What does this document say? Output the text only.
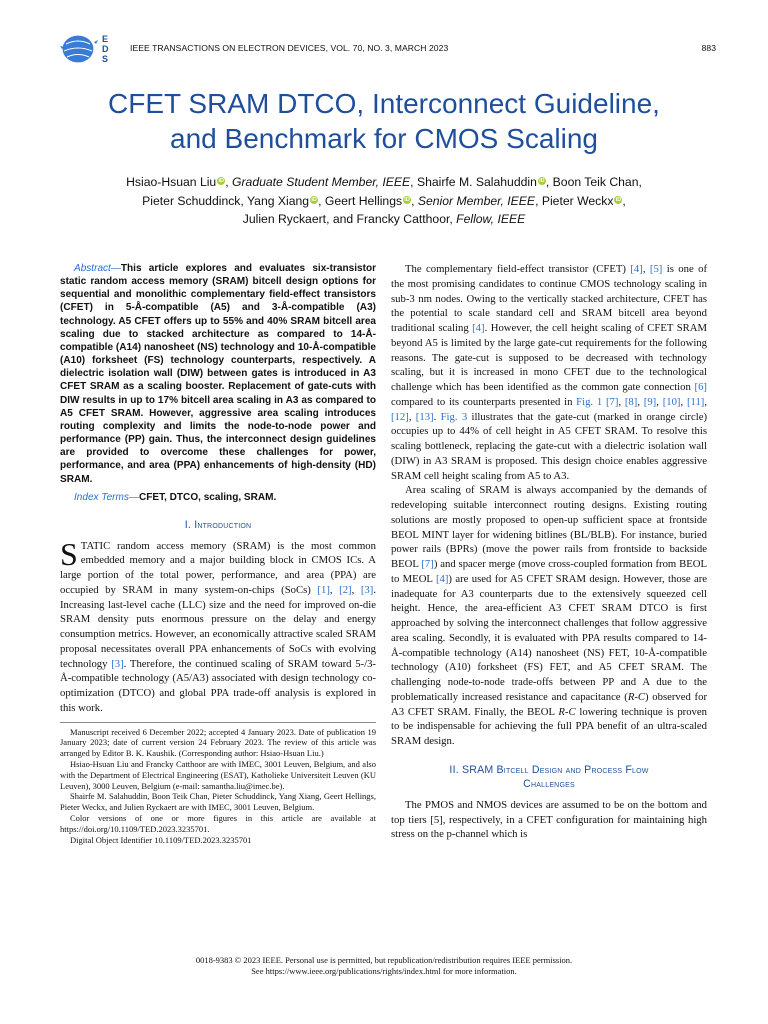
E
D
S
IEEE TRANSACTIONS ON ELECTRON DEVICES, VOL. 70, NO. 3, MARCH 2023	883
CFET SRAM DTCO, Interconnect Guideline,
and Benchmark for CMOS Scaling
Hsiao-Hsuan Liu iD, Graduate Student Member, IEEE, Shairfe M. Salahuddin iD, Boon Teik Chan,
Pieter Schuddinck, Yang Xiang iD, Geert Hellings iD, Senior Member, IEEE, Pieter Weckx iD,
Julien Ryckaert, and Francky Catthoor, Fellow, IEEE
Abstract—This article explores and evaluates six-transistor static random access memory (SRAM) bitcell design options for sequential and monolithic complementary field-effect transistors (CFET) in 5-Å-compatible (A5) and 3-Å-compatible (A3) technology. A5 CFET offers up to 55% and 40% SRAM bitcell area scaling due to stacked architecture as compared to 14-Å-compatible (A14) nanosheet (NS) technology and 10-Å-compatible (A10) forksheet (FS) technology counterparts, respectively. A dielectric isolation wall (DIW) between gates is introduced in A3 CFET SRAM as a scaling booster. Replacement of gate-cuts with DIW results in up to 17% bitcell area scaling in A3 as compared to A5 CFET SRAM. However, aggressive area scaling introduces routing complexity and limits the node-to-node power and performance (PP) gain. Thus, the interconnect design guidelines are provided to overcome these challenges for power, performance, and area (PPA) enhancements of high-density (HD) SRAM.
Index Terms—CFET, DTCO, scaling, SRAM.
I. Introduction
STATIC random access memory (SRAM) is the most common embedded memory and a major building block in CMOS ICs. A large portion of the total power, performance, and area (PPA) are occupied by SRAM in many system-on-chips (SoCs) [1], [2], [3]. Increasing last-level cache (LLC) size and the need for improved on-die SRAM density puts enormous pressure on the delay and energy consumption metrics. However, an economically attractive scaled SRAM proposal necessitates overall PPA enhancements of SoCs with evolving technology [3]. Therefore, the continued scaling of SRAM toward 5-/3-Å-compatible technology (A5/A3) associated with design technology co-optimization (DTCO) and global PPA trade-off analysis is explored in this work.

Manuscript received 6 December 2022; accepted 4 January 2023. Date of publication 19 January 2023; date of current version 24 February 2023. The review of this article was arranged by Editor B. K. Kaushik. (Corresponding author: Hsiao-Hsuan Liu.)

Hsiao-Hsuan Liu and Francky Catthoor are with IMEC, 3001 Leuven, Belgium, and also with the Department of Electrical Engineering (ESAT), Katholieke Universiteit Leuven (KU Leuven), 3000 Leuven, Belgium (e-mail: samantha.liu@imec.be).

Shairfe M. Salahuddin, Boon Teik Chan, Pieter Schuddinck, Yang Xiang, Geert Hellings, Pieter Weckx, and Julien Ryckaert are with IMEC, 3001 Leuven, Belgium.

Color versions of one or more figures in this article are available at https://doi.org/10.1109/TED.2023.3235701.

Digital Object Identifier 10.1109/TED.2023.3235701

The complementary field-effect transistor (CFET) [4], [5] is one of the most promising candidates to continue CMOS technology scaling in sub-3 nm nodes. Owing to the vertically stacked architecture, CFET has the potential to scale standard cell and SRAM bitcell area beyond traditional scaling [4]. However, the cell height scaling of CFET SRAM beyond A5 is limited by the large gate-cut requirements for the following reasons. The gate-cut is supposed to be decreased with technology scaling, but it is increased in mono CFET due to the technological challenge which has been identified as the common gate connection [6] compared to its counterparts presented in Fig. 1 [7], [8], [9], [10], [11], [12], [13]. Fig. 3 illustrates that the gate-cut (marked in orange circle) occupies up to 44% of cell height in A5 CFET SRAM. To resolve this scaling bottleneck, replacing the gate-cut with a dielectric isolation wall (DIW) in A3 SRAM is proposed. This design choice enables aggressive SRAM cell height scaling from A5 to A3.

Area scaling of SRAM is always accompanied by the demands of redeveloping suitable interconnect routing designs. Existing routing solutions are mostly proposed to open-up sufficient space at frontside BEOL MINT layer for widening bitlines (BL/BLB). For instance, buried power rails (BPRs) (move the power rails from frontside to backside BEOL [7]) and spacer merge (move cross-coupled formation from BEOL to MEOL [4]) are used for A5 CFET SRAM design. However, those are inadequate for A3 counterparts due to the extensively squeezed cell height. Hence, the area-efficient A3 CFET SRAM DTCO is first approached by solving the interconnect challenges that follow aggressive area scaling. Secondly, it is evaluated with PPA results compared to 14-Å-compatible technology (A14) nanosheet (NS) FET, 10-Å-compatible technology (A10) forksheet (FS) FET, and A5 CFET SRAM. The challenging node-to-node trade-offs between PP and A due to the problematically increased resistance and capacitance (R-C) observed for A3 CFET SRAM. Finally, the BEOL R-C lowering technique is proven to be indispensable for achieving the full PPA benefit of an ultra-scaled SRAM design.

II. SRAM Bitcell Design and Process Flow
Challenges

The PMOS and NMOS devices are assumed to be on the bottom and top tiers [5], respectively, in a CFET configuration for maintaining high stress on the p-channel which is

0018-9383 © 2023 IEEE. Personal use is permitted, but republication/redistribution requires IEEE permission.
See https://www.ieee.org/publications/rights/index.html for more information.
